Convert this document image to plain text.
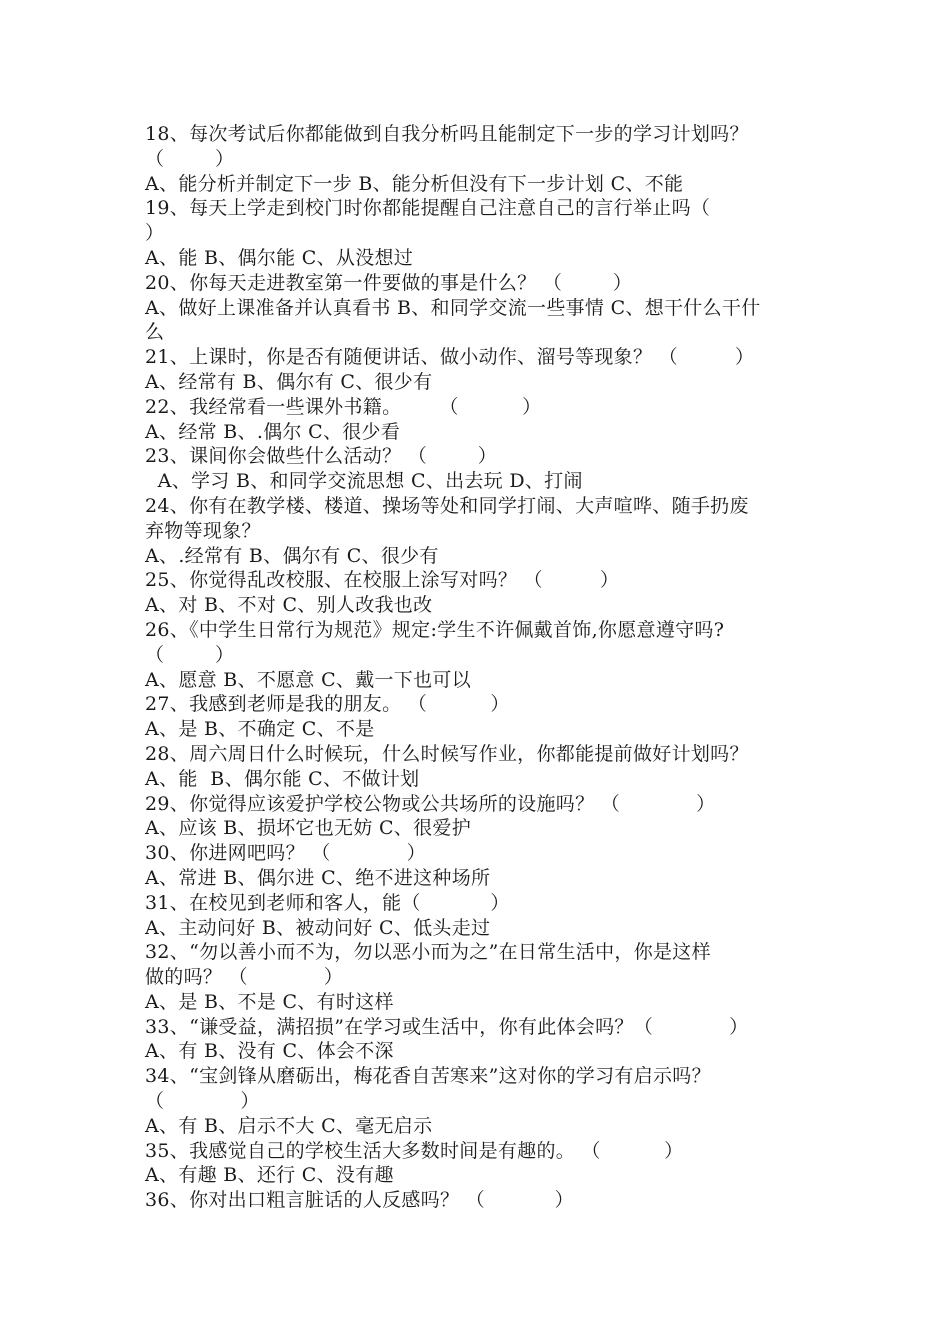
18、每次考试后你都能做到自我分析吗且能制定下一步的学习计划吗？
（        ）
A、能分析并制定下一步 B、能分析但没有下一步计划 C、不能
19、每天上学走到校门时你都能提醒自己注意自己的言行举止吗（
）
A、能 B、偶尔能 C、从没想过
20、你每天走进教室第一件要做的事是什么？ （        ）
A、做好上课准备并认真看书 B、和同学交流一些事情 C、想干什么干什
么
21、上课时，你是否有随便讲话、做小动作、溜号等现象？ （         ）
A、经常有 B、偶尔有 C、很少有
22、我经常看一些课外书籍。      （          ）
A、经常 B、.偶尔 C、很少看
23、课间你会做些什么活动？ （        ）
A、学习 B、和同学交流思想 C、出去玩 D、打闹
24、你有在教学楼、楼道、操场等处和同学打闹、大声喧哗、随手扔废
弃物等现象？
A、.经常有 B、偶尔有 C、很少有
25、你觉得乱改校服、在校服上涂写对吗？ （         ）
A、对 B、不对 C、别人改我也改
26、《中学生日常行为规范》规定:学生不许佩戴首饰,你愿意遵守吗?
（        ）
A、愿意 B、不愿意 C、戴一下也可以
27、我感到老师是我的朋友。 （          ）
A、是 B、不确定 C、不是
28、周六周日什么时候玩，什么时候写作业，你都能提前做好计划吗？
A、能  B、偶尔能 C、不做计划
29、你觉得应该爱护学校公物或公共场所的设施吗？ （            ）
A、应该 B、损坏它也无妨 C、很爱护
30、你进网吧吗？ （            ）
A、常进 B、偶尔进 C、绝不进这种场所
31、在校见到老师和客人，能（           ）
A、主动问好 B、被动问好 C、低头走过
32、“勿以善小而不为，勿以恶小而为之”在日常生活中，你是这样
做的吗？ （            ）
A、是 B、不是 C、有时这样
33、“谦受益，满招损”在学习或生活中，你有此体会吗？（            ）
A、有 B、没有 C、体会不深
34、“宝剑锋从磨砺出，梅花香自苦寒来”这对你的学习有启示吗？
（            ）
A、有 B、启示不大 C、毫无启示
35、我感觉自己的学校生活大多数时间是有趣的。 （          ）
A、有趣 B、还行 C、没有趣
36、你对出口粗言脏话的人反感吗？ （           ）
